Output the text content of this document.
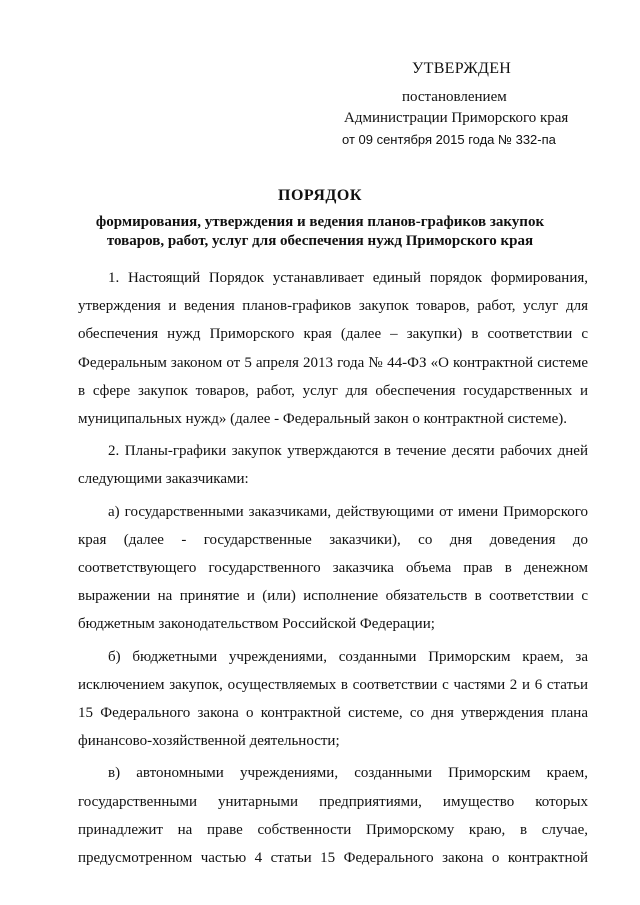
УТВЕРЖДЕН
постановлением
Администрации Приморского края
от 09 сентября 2015 года № 332-па
ПОРЯДОК
формирования, утверждения и ведения планов-графиков закупок товаров, работ, услуг для обеспечения нужд Приморского края

1. Настоящий Порядок устанавливает единый порядок формирования, утверждения и ведения планов-графиков закупок товаров, работ, услуг для обеспечения нужд Приморского края (далее – закупки) в соответствии с Федеральным законом от 5 апреля 2013 года № 44-ФЗ «О контрактной системе в сфере закупок товаров, работ, услуг для обеспечения государственных и муниципальных нужд» (далее - Федеральный закон о контрактной системе).

2. Планы-графики закупок утверждаются в течение десяти рабочих дней следующими заказчиками:

а) государственными заказчиками, действующими от имени Приморского края (далее - государственные заказчики), со дня доведения до соответствующего государственного заказчика объема прав в денежном выражении на принятие и (или) исполнение обязательств в соответствии с бюджетным законодательством Российской Федерации;

б) бюджетными учреждениями, созданными Приморским краем, за исключением закупок, осуществляемых в соответствии с частями 2 и 6 статьи 15 Федерального закона о контрактной системе, со дня утверждения плана финансово-хозяйственной деятельности;

в) автономными учреждениями, созданными Приморским краем, государственными унитарными предприятиями, имущество которых принадлежит на праве собственности Приморскому краю, в случае, предусмотренном частью 4 статьи 15 Федерального закона о контрактной
